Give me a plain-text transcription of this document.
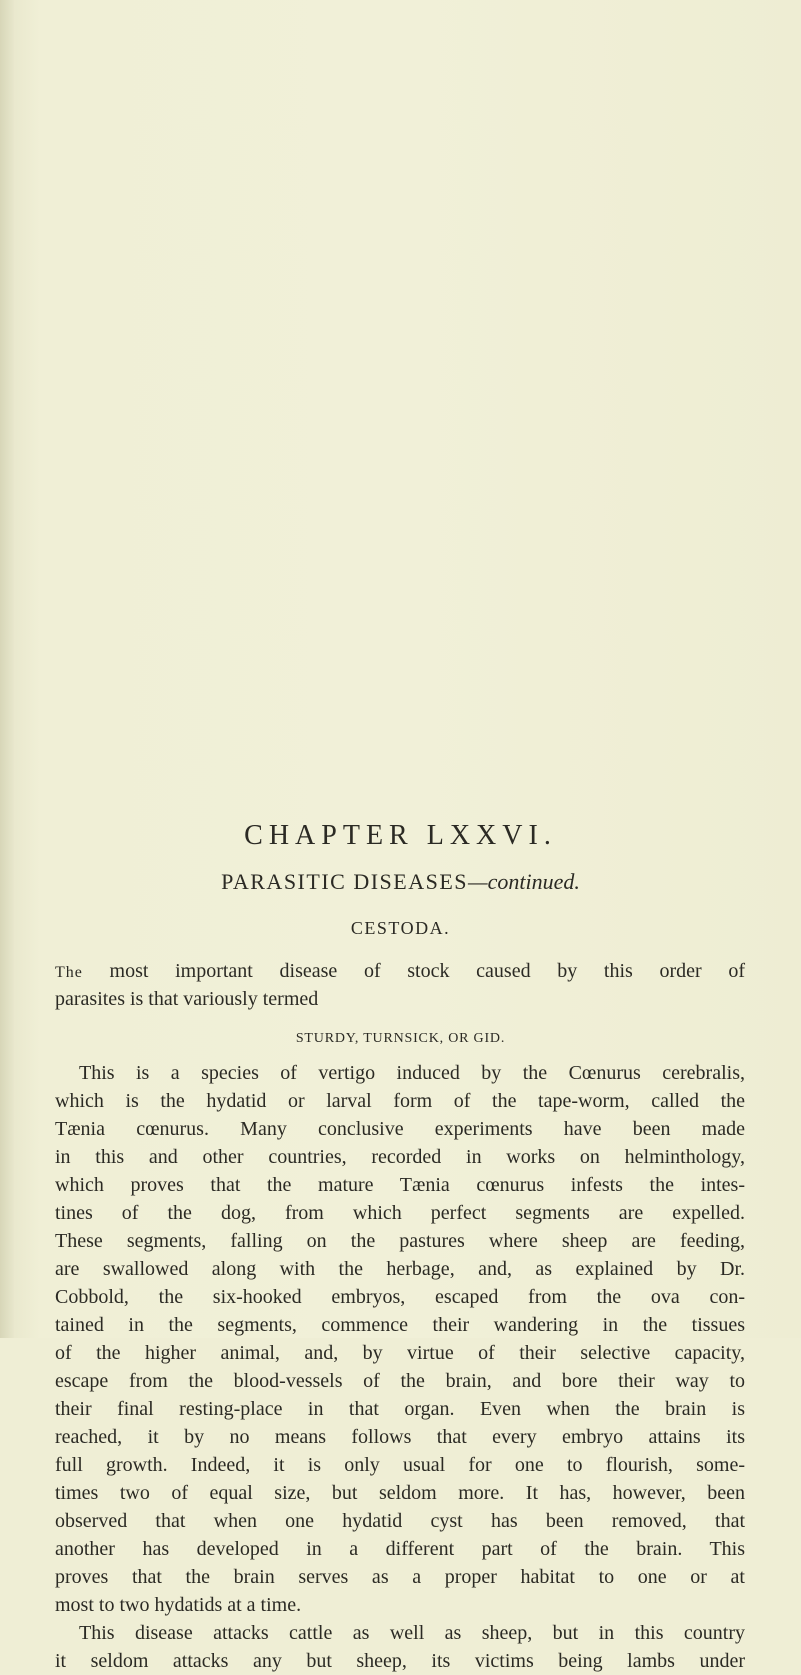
CHAPTER LXXVI.
PARASITIC DISEASES—continued.
CESTODA.
The most important disease of stock caused by this order of
parasites is that variously termed
STURDY, TURNSICK, OR GID.
This is a species of vertigo induced by the Cœnurus cerebralis,
which is the hydatid or larval form of the tape-worm, called the
Tænia cœnurus. Many conclusive experiments have been made
in this and other countries, recorded in works on helminthology,
which proves that the mature Tænia cœnurus infests the intes-
tines of the dog, from which perfect segments are expelled.
These segments, falling on the pastures where sheep are feeding,
are swallowed along with the herbage, and, as explained by Dr.
Cobbold, the six-hooked embryos, escaped from the ova con-
tained in the segments, commence their wandering in the tissues
of the higher animal, and, by virtue of their selective capacity,
escape from the blood-vessels of the brain, and bore their way to
their final resting-place in that organ. Even when the brain is
reached, it by no means follows that every embryo attains its
full growth. Indeed, it is only usual for one to flourish, some-
times two of equal size, but seldom more. It has, however, been
observed that when one hydatid cyst has been removed, that
another has developed in a different part of the brain. This
proves that the brain serves as a proper habitat to one or at
most to two hydatids at a time.
This disease attacks cattle as well as sheep, but in this country
it seldom attacks any but sheep, its victims being lambs under
